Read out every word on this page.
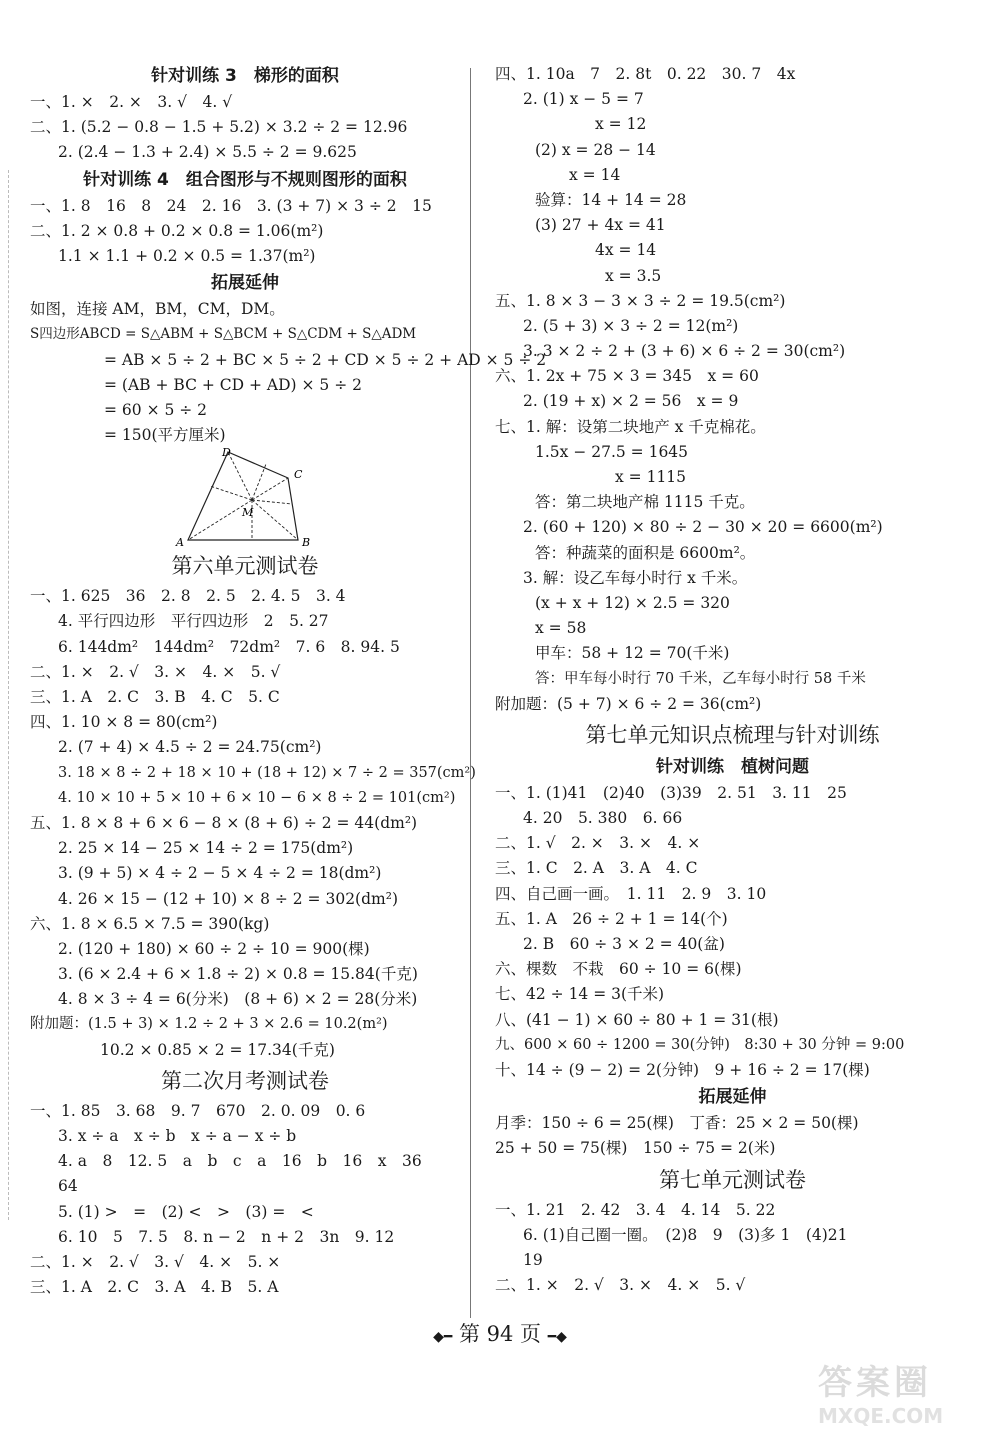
针对训练 3　梯形的面积
一、1. ×　2. ×　3. √　4. √
二、1. (5.2 − 0.8 − 1.5 + 5.2) × 3.2 ÷ 2 = 12.96
2. (2.4 − 1.3 + 2.4) × 5.5 ÷ 2 = 9.625
针对训练 4　组合图形与不规则图形的面积
一、1. 8　16　8　24　2. 16　3. (3 + 7) × 3 ÷ 2　15
二、1. 2 × 0.8 + 0.2 × 0.8 = 1.06(m²)
1.1 × 1.1 + 0.2 × 0.5 = 1.37(m²)
拓展延伸
如图，连接 AM，BM，CM，DM。
S四边形ABCD = S△ABM + S△BCM + S△CDM + S△ADM
= AB × 5 ÷ 2 + BC × 5 ÷ 2 + CD × 5 ÷ 2 + AD × 5 ÷ 2
= (AB + BC + CD + AD) × 5 ÷ 2
= 60 × 5 ÷ 2
= 150(平方厘米)
A	B
C
D
M
第六单元测试卷
一、1. 625　36　2. 8　2. 5　2. 4. 5　3. 4
4. 平行四边形　平行四边形　2　5. 27
6. 144dm²　144dm²　72dm²　7. 6　8. 94. 5
二、1. ×　2. √　3. ×　4. ×　5. √
三、1. A　2. C　3. B　4. C　5. C
四、1. 10 × 8 = 80(cm²)
2. (7 + 4) × 4.5 ÷ 2 = 24.75(cm²)
3. 18 × 8 ÷ 2 + 18 × 10 + (18 + 12) × 7 ÷ 2 = 357(cm²)
4. 10 × 10 + 5 × 10 + 6 × 10 − 6 × 8 ÷ 2 = 101(cm²)
五、1. 8 × 8 + 6 × 6 − 8 × (8 + 6) ÷ 2 = 44(dm²)
2. 25 × 14 − 25 × 14 ÷ 2 = 175(dm²)
3. (9 + 5) × 4 ÷ 2 − 5 × 4 ÷ 2 = 18(dm²)
4. 26 × 15 − (12 + 10) × 8 ÷ 2 = 302(dm²)
六、1. 8 × 6.5 × 7.5 = 390(kg)
2. (120 + 180) × 60 ÷ 2 ÷ 10 = 900(棵)
3. (6 × 2.4 + 6 × 1.8 ÷ 2) × 0.8 = 15.84(千克)
4. 8 × 3 ÷ 4 = 6(分米)　(8 + 6) × 2 = 28(分米)
附加题：(1.5 + 3) × 1.2 ÷ 2 + 3 × 2.6 = 10.2(m²)
10.2 × 0.85 × 2 = 17.34(千克)
第二次月考测试卷
一、1. 85　3. 68　9. 7　670　2. 0. 09　0. 6
3. x ÷ a　x ÷ b　x ÷ a − x ÷ b
4. a　8　12. 5　a　b　c　a　16　b　16　x　36
64
5. (1) >　=　(2) <　>　(3) =　<
6. 10　5　7. 5　8. n − 2　n + 2　3n　9. 12
二、1. ×　2. √　3. √　4. ×　5. ×
三、1. A　2. C　3. A　4. B　5. A
四、1. 10a　7　2. 8t　0. 22　30. 7　4x
2. (1) x − 5 = 7
x = 12
(2) x = 28 − 14
x = 14
验算：14 + 14 = 28
(3) 27 + 4x = 41
4x = 14
x = 3.5
五、1. 8 × 3 − 3 × 3 ÷ 2 = 19.5(cm²)
2. (5 + 3) × 3 ÷ 2 = 12(m²)
3. 3 × 2 ÷ 2 + (3 + 6) × 6 ÷ 2 = 30(cm²)
六、1. 2x + 75 × 3 = 345　x = 60
2. (19 + x) × 2 = 56　x = 9
七、1. 解：设第二块地产 x 千克棉花。
1.5x − 27.5 = 1645
x = 1115
答：第二块地产棉 1115 千克。
2. (60 + 120) × 80 ÷ 2 − 30 × 20 = 6600(m²)
答：种蔬菜的面积是 6600m²。
3. 解：设乙车每小时行 x 千米。
(x + x + 12) × 2.5 = 320
x = 58
甲车：58 + 12 = 70(千米)
答：甲车每小时行 70 千米，乙车每小时行 58 千米
附加题：(5 + 7) × 6 ÷ 2 = 36(cm²)
第七单元知识点梳理与针对训练
针对训练　植树问题
一、1. (1)41　(2)40　(3)39　2. 51　3. 11　25
4. 20　5. 380　6. 66
二、1. √　2. ×　3. ×　4. ×
三、1. C　2. A　3. A　4. C
四、自己画一画。　1. 11　2. 9　3. 10
五、1. A　26 ÷ 2 + 1 = 14(个)
2. B　60 ÷ 3 × 2 = 40(盆)
六、棵数　不栽　60 ÷ 10 = 6(棵)
七、42 ÷ 14 = 3(千米)
八、(41 − 1) × 60 ÷ 80 + 1 = 31(根)
九、600 × 60 ÷ 1200 = 30(分钟)　8:30 + 30 分钟 = 9:00
十、14 ÷ (9 − 2) = 2(分钟)　9 + 16 ÷ 2 = 17(棵)
拓展延伸
月季：150 ÷ 6 = 25(棵)　丁香：25 × 2 = 50(棵)
25 + 50 = 75(棵)　150 ÷ 75 = 2(米)
第七单元测试卷
一、1. 21　2. 42　3. 4　4. 14　5. 22
6. (1)自己圈一圈。　(2)8　9　(3)多 1　(4)21
19
二、1. ×　2. √　3. ×　4. ×　5. √
◆━ 第 94 页 ━◆
答案圈
MXQE.COM
